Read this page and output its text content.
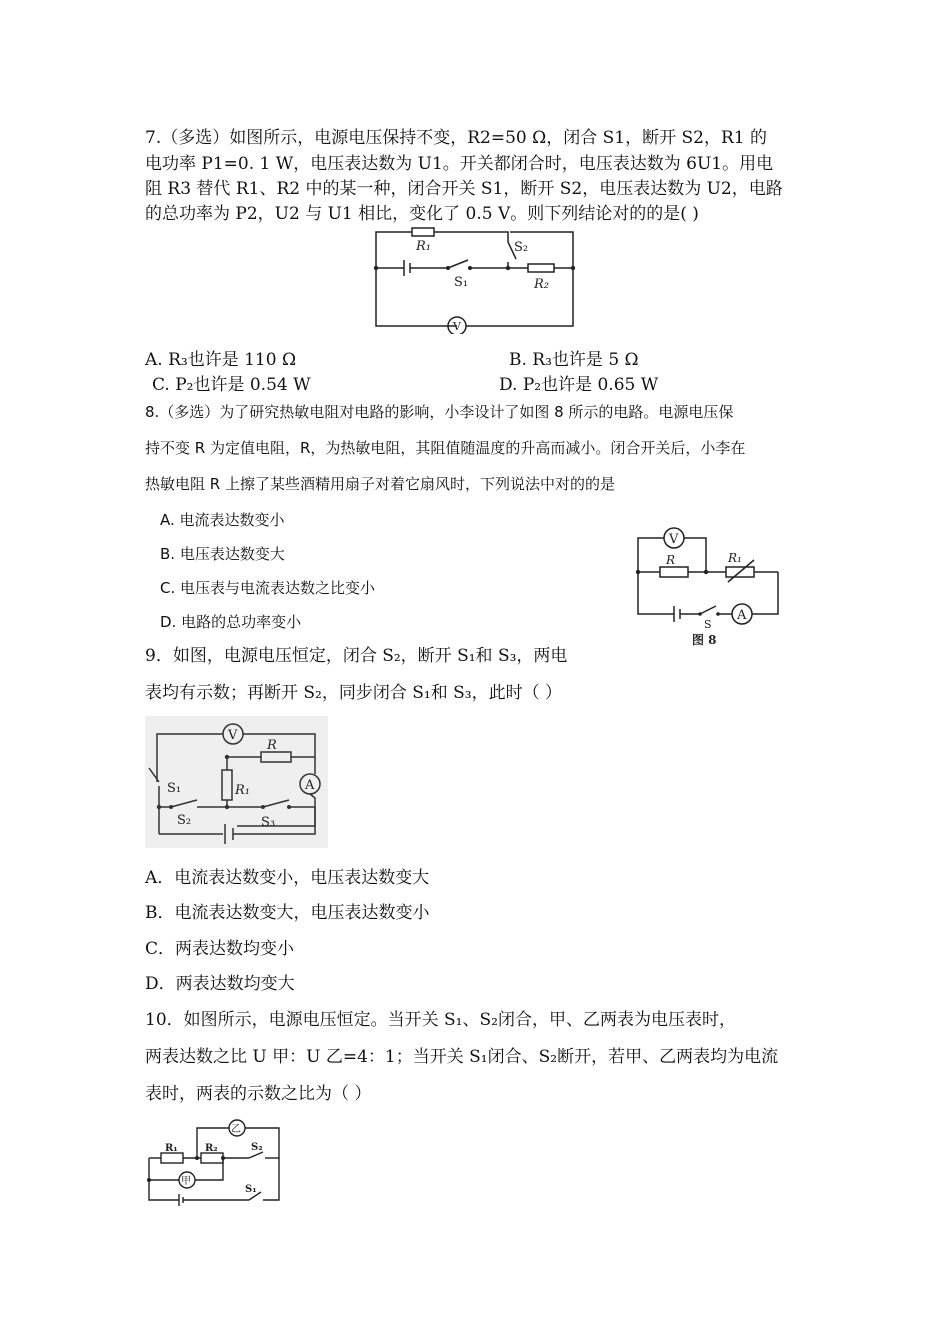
7.（多选）如图所示，电源电压保持不变，R2=50 Ω，闭合 S1，断开 S2，R1 的
电功率 P1=0. 1 W，电压表达数为 U1。开关都闭合时，电压表达数为 6U1。用电
阻 R3 替代 R1、R2 中的某一种，闭合开关 S1，断开 S2，电压表达数为 U2，电路
的总功率为 P2，U2 与 U1 相比，变化了 0.5 V。则下列结论对的的是( )
R₁	S₂
S₁	R₂
V
A. R₃也许是 110 Ω	B. R₃也许是 5 Ω
C. P₂也许是 0.54 W	D. P₂也许是 0.65 W
8.（多选）为了研究热敏电阻对电路的影响，小李设计了如图 8 所示的电路。电源电压保
持不变 R 为定值电阻，R，为热敏电阻，其阻值随温度的升高而减小。闭合开关后，小李在
热敏电阻 R 上擦了某些酒精用扇子对着它扇风时，下列说法中对的的是
A. 电流表达数变小
B. 电压表达数变大
C. 电压表与电流表达数之比变小
D. 电路的总功率变小
V
R	R₁
S
A
图 8
9．如图，电源电压恒定，闭合 S₂，断开 S₁和 S₃，两电
表均有示数；再断开 S₂，同步闭合 S₁和 S₃，此时（ ）
V
R
R₁	A
S₁
S₂	S₃
A．电流表达数变小，电压表达数变大
B．电流表达数变大，电压表达数变小
C．两表达数均变小
D．两表达数均变大
10．如图所示，电源电压恒定。当开关 S₁、S₂闭合，甲、乙两表为电压表时，
两表达数之比 U 甲：U 乙=4：1；当开关 S₁闭合、S₂断开，若甲、乙两表均为电流
表时，两表的示数之比为（ ）
乙
R₁	R₂	S₂
甲
S₁
